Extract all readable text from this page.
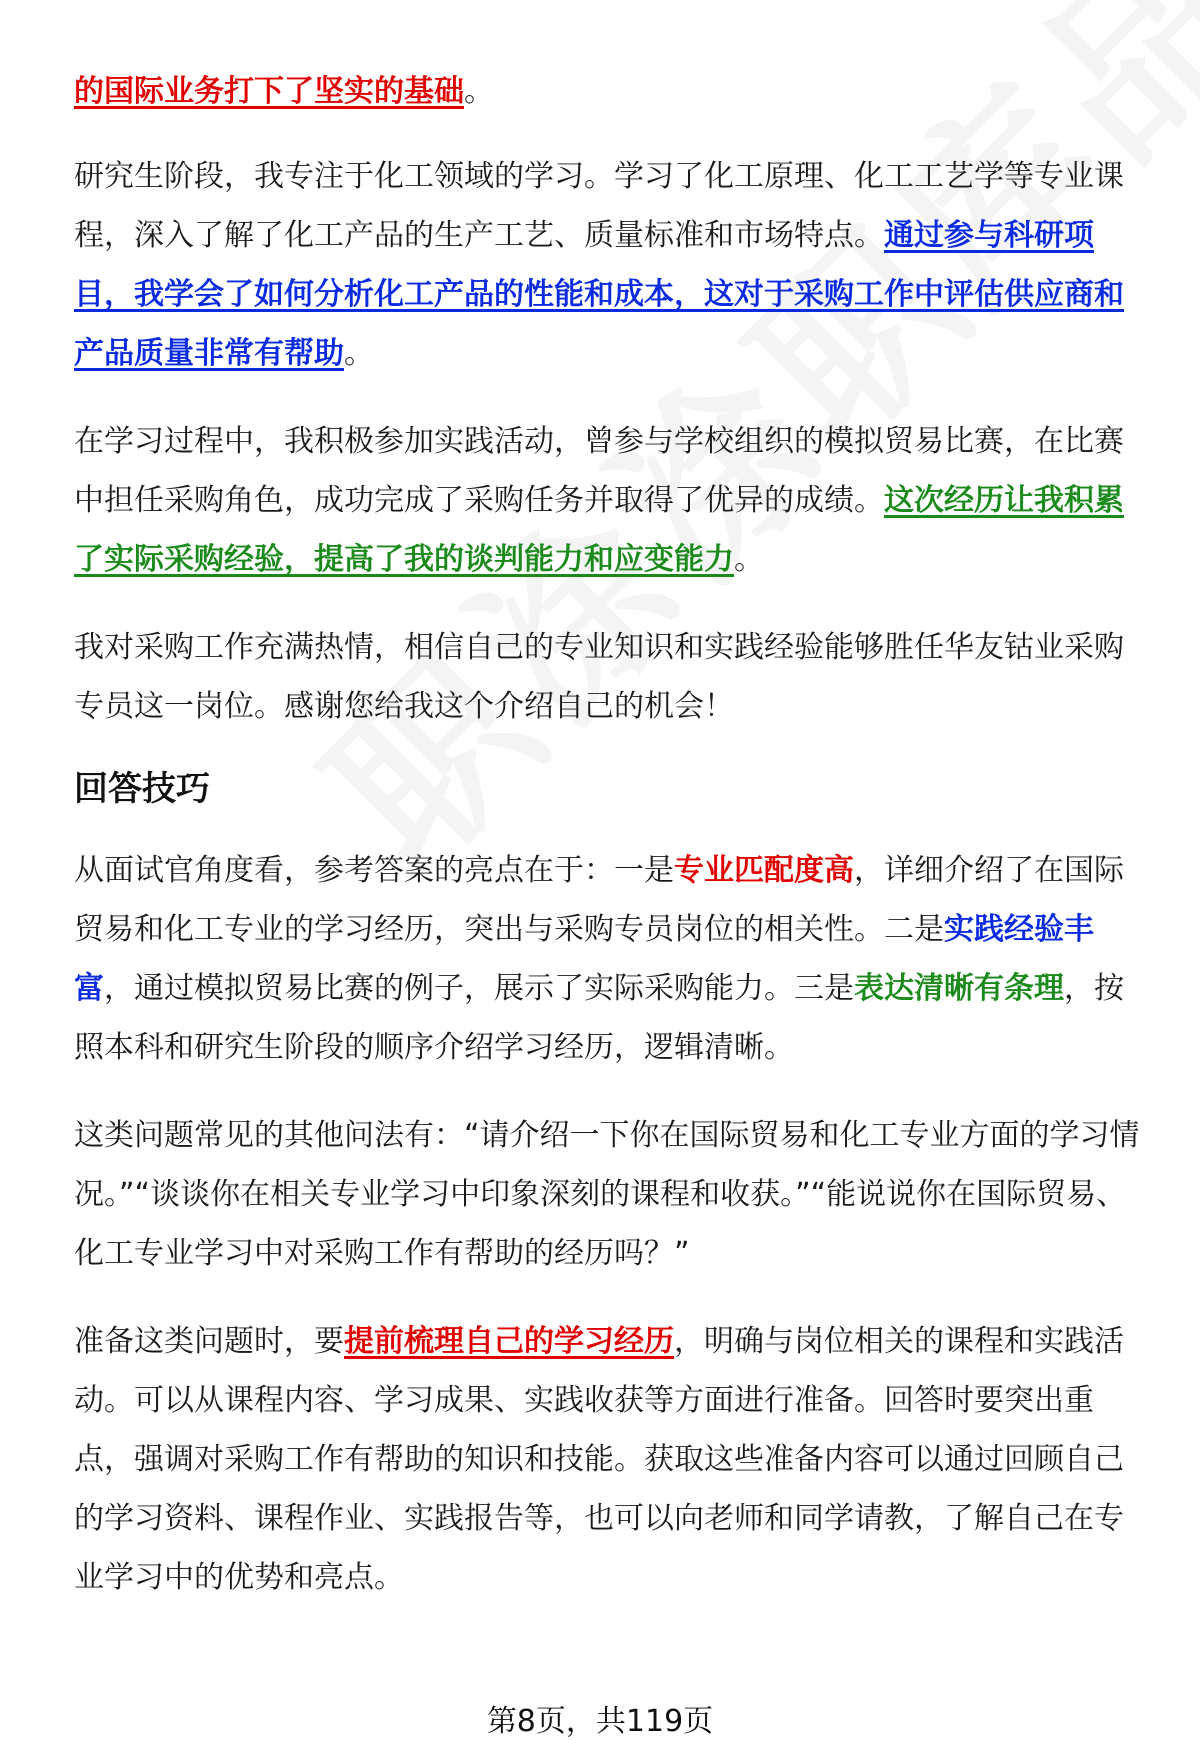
的国际业务打下了坚实的基础。

研究生阶段，我专注于化工领域的学习。学习了化工原理、化工工艺学等专业课程，深入了解了化工产品的生产工艺、质量标准和市场特点。通过参与科研项目，我学会了如何分析化工产品的性能和成本，这对于采购工作中评估供应商和产品质量非常有帮助。

在学习过程中，我积极参加实践活动，曾参与学校组织的模拟贸易比赛，在比赛中担任采购角色，成功完成了采购任务并取得了优异的成绩。这次经历让我积累了实际采购经验，提高了我的谈判能力和应变能力。

我对采购工作充满热情，相信自己的专业知识和实践经验能够胜任华友钴业采购专员这一岗位。感谢您给我这个介绍自己的机会！

回答技巧

从面试官角度看，参考答案的亮点在于：一是专业匹配度高，详细介绍了在国际贸易和化工专业的学习经历，突出与采购专员岗位的相关性。二是实践经验丰富，通过模拟贸易比赛的例子，展示了实际采购能力。三是表达清晰有条理，按照本科和研究生阶段的顺序介绍学习经历，逻辑清晰。

这类问题常见的其他问法有：“请介绍一下你在国际贸易和化工专业方面的学习情况。”“谈谈你在相关专业学习中印象深刻的课程和收获。”“能说说你在国际贸易、化工专业学习中对采购工作有帮助的经历吗？”

准备这类问题时，要提前梳理自己的学习经历，明确与岗位相关的课程和实践活动。可以从课程内容、学习成果、实践收获等方面进行准备。回答时要突出重点，强调对采购工作有帮助的知识和技能。获取这些准备内容可以通过回顾自己的学习资料、课程作业、实践报告等，也可以向老师和同学请教，了解自己在专业学习中的优势和亮点。

第8页，共119页
